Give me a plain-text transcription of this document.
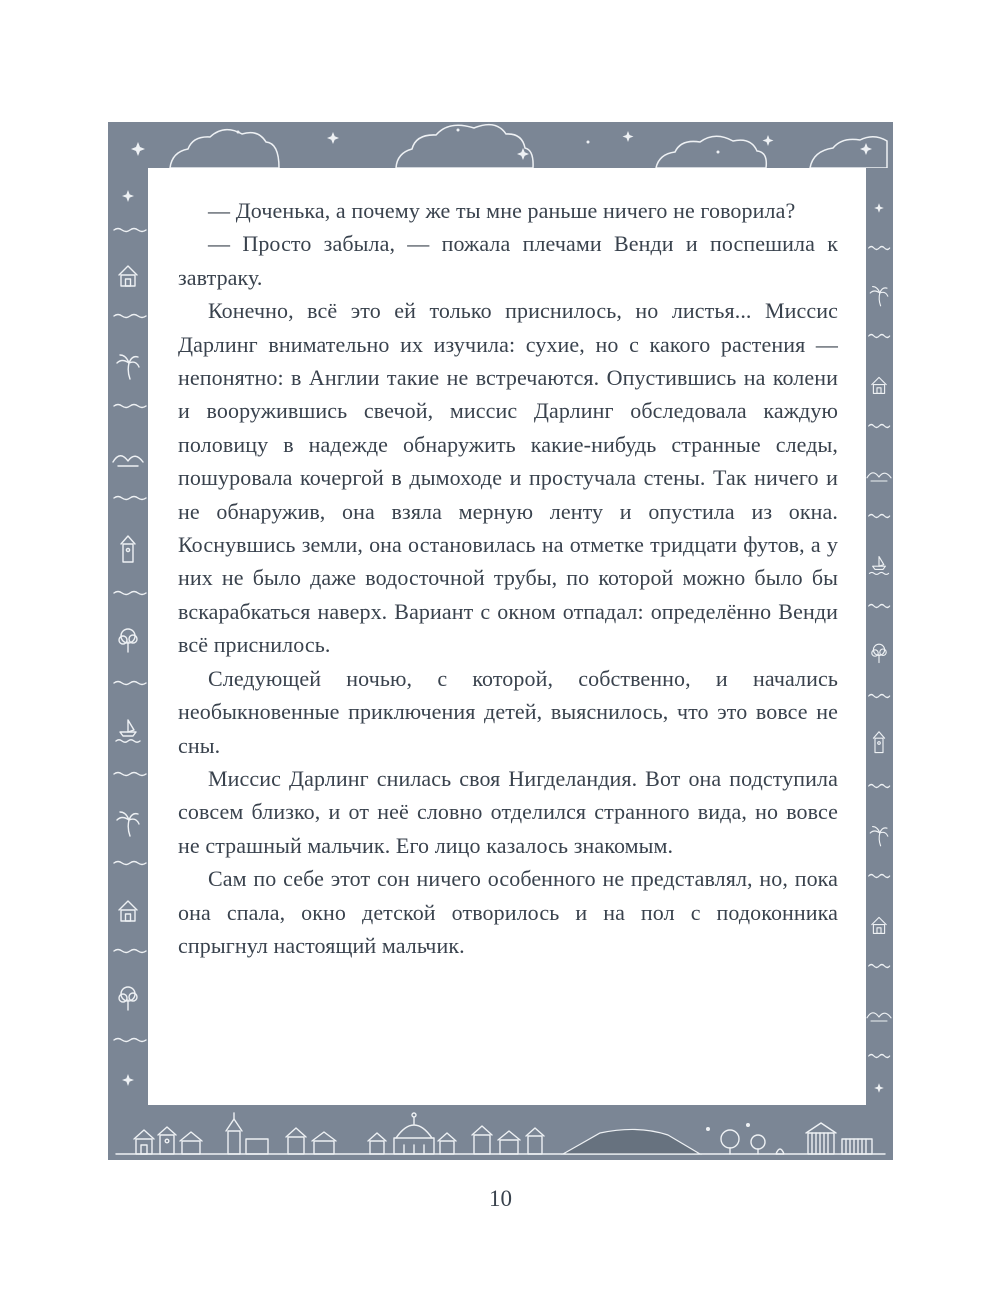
— Доченька, а почему же ты мне раньше ничего не говорила?

— Просто забыла, — пожала плечами Венди и поспешила к завтраку.

Конечно, всё это ей только приснилось, но листья... Миссис Дарлинг внимательно их изучила: сухие, но с какого растения — непонятно: в Англии такие не встречаются. Опустившись на колени и вооружившись свечой, миссис Дарлинг обследовала каждую половицу в надежде обнаружить какие-нибудь странные следы, пошуровала кочергой в дымоходе и простучала стены. Так ничего и не обнаружив, она взяла мерную ленту и опустила из окна. Коснувшись земли, она остановилась на отметке тридцати футов, а у них не было даже водосточной трубы, по которой можно было бы вскарабкаться наверх. Вариант с окном отпадал: определённо Венди всё приснилось.

Следующей ночью, с которой, собственно, и начались необыкновенные приключения детей, выяснилось, что это вовсе не сны.

Миссис Дарлинг снилась своя Нигделандия. Вот она подступила совсем близко, и от неё словно отделился странного вида, но вовсе не страшный мальчик. Его лицо казалось знакомым.

Сам по себе этот сон ничего особенного не представлял, но, пока она спала, окно детской отворилось и на пол с подоконника спрыгнул настоящий мальчик.

10
